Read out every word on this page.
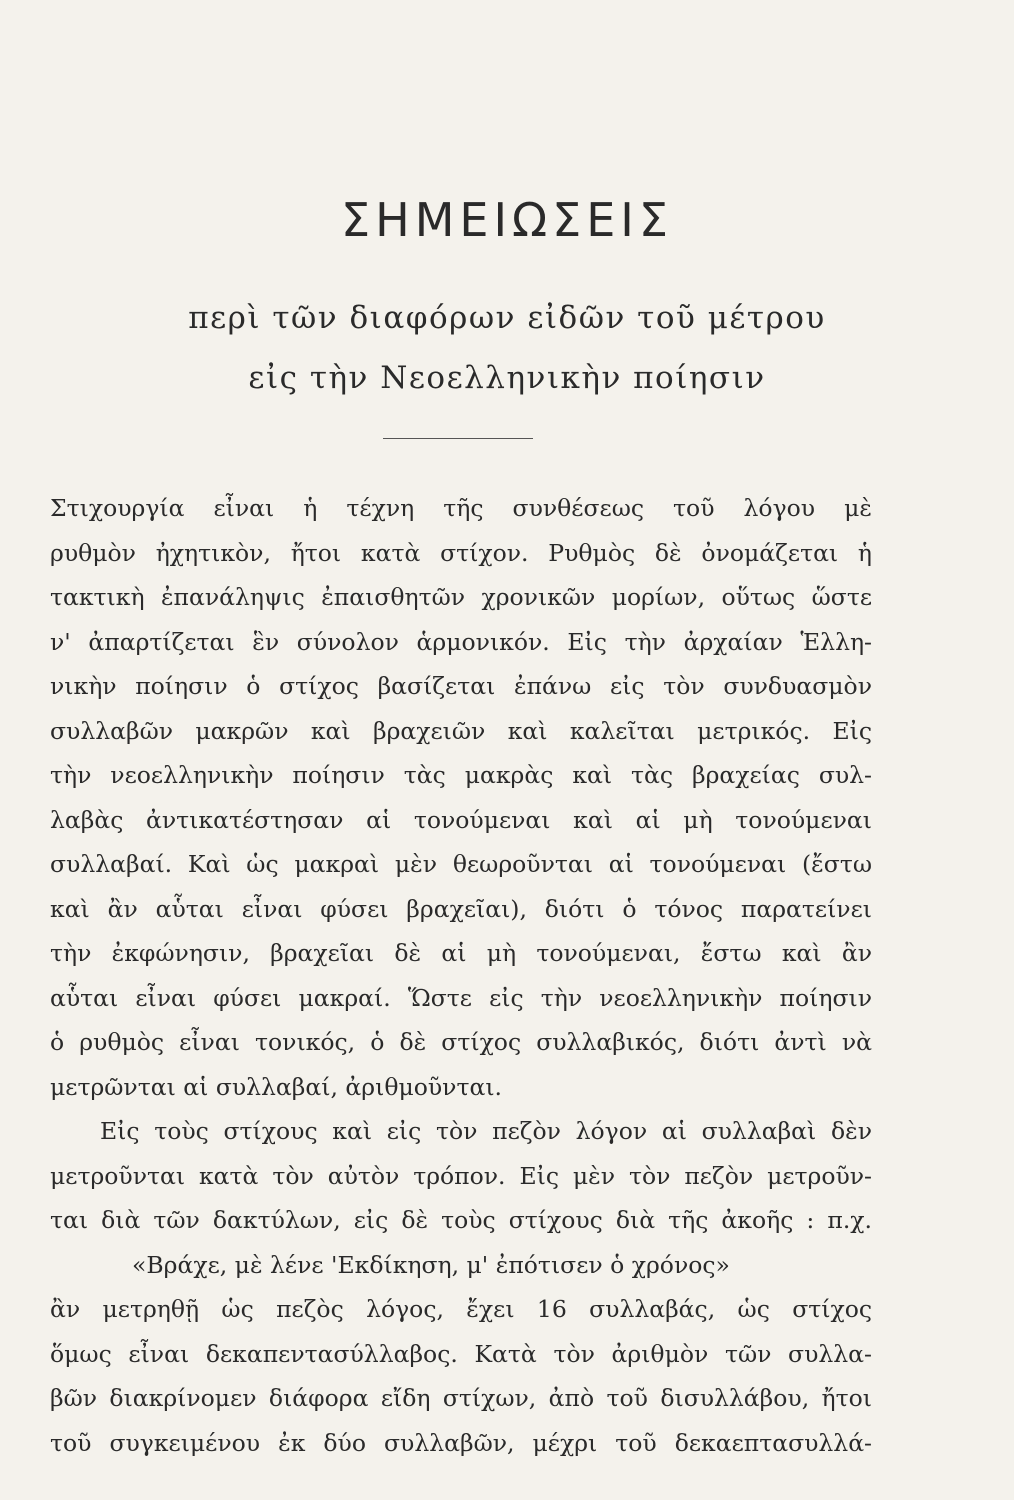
ΣΗΜΕΙΩΣΕΙΣ
περὶ τῶν διαφόρων εἰδῶν τοῦ μέτρου
εἰς τὴν Νεοελληνικὴν ποίησιν
Στιχουργία εἶναι ἡ τέχνη τῆς συνθέσεως τοῦ λόγου μὲ
ρυθμὸν ἠχητικὸν, ἤτοι κατὰ στίχον. Ρυθμὸς δὲ ὀνομάζεται ἡ
τακτικὴ ἐπανάληψις ἐπαισθητῶν χρονικῶν μορίων, οὕτως ὥστε
ν' ἀπαρτίζεται ἓν σύνολον ἁρμονικόν. Εἰς τὴν ἀρχαίαν Ἑλλη-
νικὴν ποίησιν ὁ στίχος βασίζεται ἐπάνω εἰς τὸν συνδυασμὸν
συλλαβῶν μακρῶν καὶ βραχειῶν καὶ καλεῖται μετρικός. Εἰς
τὴν νεοελληνικὴν ποίησιν τὰς μακρὰς καὶ τὰς βραχείας συλ-
λαβὰς ἀντικατέστησαν αἱ τονούμεναι καὶ αἱ μὴ τονούμεναι
συλλαβαί. Καὶ ὡς μακραὶ μὲν θεωροῦνται αἱ τονούμεναι (ἔστω
καὶ ἂν αὗται εἶναι φύσει βραχεῖαι), διότι ὁ τόνος παρατείνει
τὴν ἐκφώνησιν, βραχεῖαι δὲ αἱ μὴ τονούμεναι, ἔστω καὶ ἂν
αὗται εἶναι φύσει μακραί. Ὥστε εἰς τὴν νεοελληνικὴν ποίησιν
ὁ ρυθμὸς εἶναι τονικός, ὁ δὲ στίχος συλλαβικός, διότι ἀντὶ νὰ
μετρῶνται αἱ συλλαβαί, ἀριθμοῦνται.
Εἰς τοὺς στίχους καὶ εἰς τὸν πεζὸν λόγον αἱ συλλαβαὶ δὲν
μετροῦνται κατὰ τὸν αὐτὸν τρόπον. Εἰς μὲν τὸν πεζὸν μετροῦν-
ται διὰ τῶν δακτύλων, εἰς δὲ τοὺς στίχους διὰ τῆς ἀκοῆς : π.χ.
«Βράχε, μὲ λένε 'Εκδίκηση, μ' ἐπότισεν ὁ χρόνος»
ἂν μετρηθῇ ὡς πεζὸς λόγος, ἔχει 16 συλλαβάς, ὡς στίχος
ὅμως εἶναι δεκαπεντασύλλαβος. Κατὰ τὸν ἀριθμὸν τῶν συλλα-
βῶν διακρίνομεν διάφορα εἴδη στίχων, ἀπὸ τοῦ δισυλλάβου, ἤτοι
τοῦ συγκειμένου ἐκ δύο συλλαβῶν, μέχρι τοῦ δεκαεπτασυλλά-
